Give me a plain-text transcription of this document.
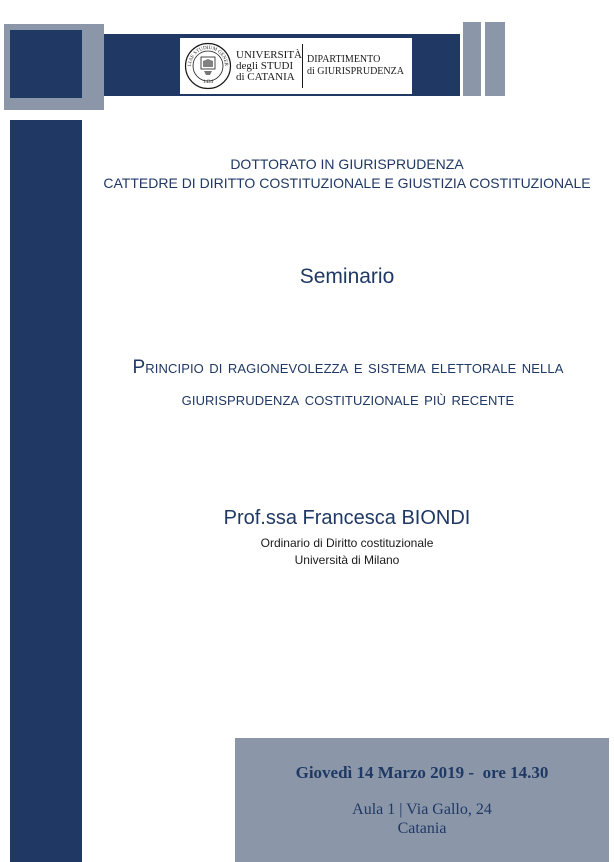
LIAE STUDIUM GENER
1434
UNIVERSITÀ
degli STUDI
di CATANIA
DIPARTIMENTO
di GIURISPRUDENZA
DOTTORATO IN GIURISPRUDENZA
CATTEDRE DI DIRITTO COSTITUZIONALE E GIUSTIZIA COSTITUZIONALE
Seminario
Principio di ragionevolezza e sistema elettorale nella
giurisprudenza costituzionale più recente
Prof.ssa Francesca BIONDI
Ordinario di Diritto costituzionale
Università di Milano
Giovedì 14 Marzo 2019 -  ore 14.30
Aula 1 | Via Gallo, 24
Catania
